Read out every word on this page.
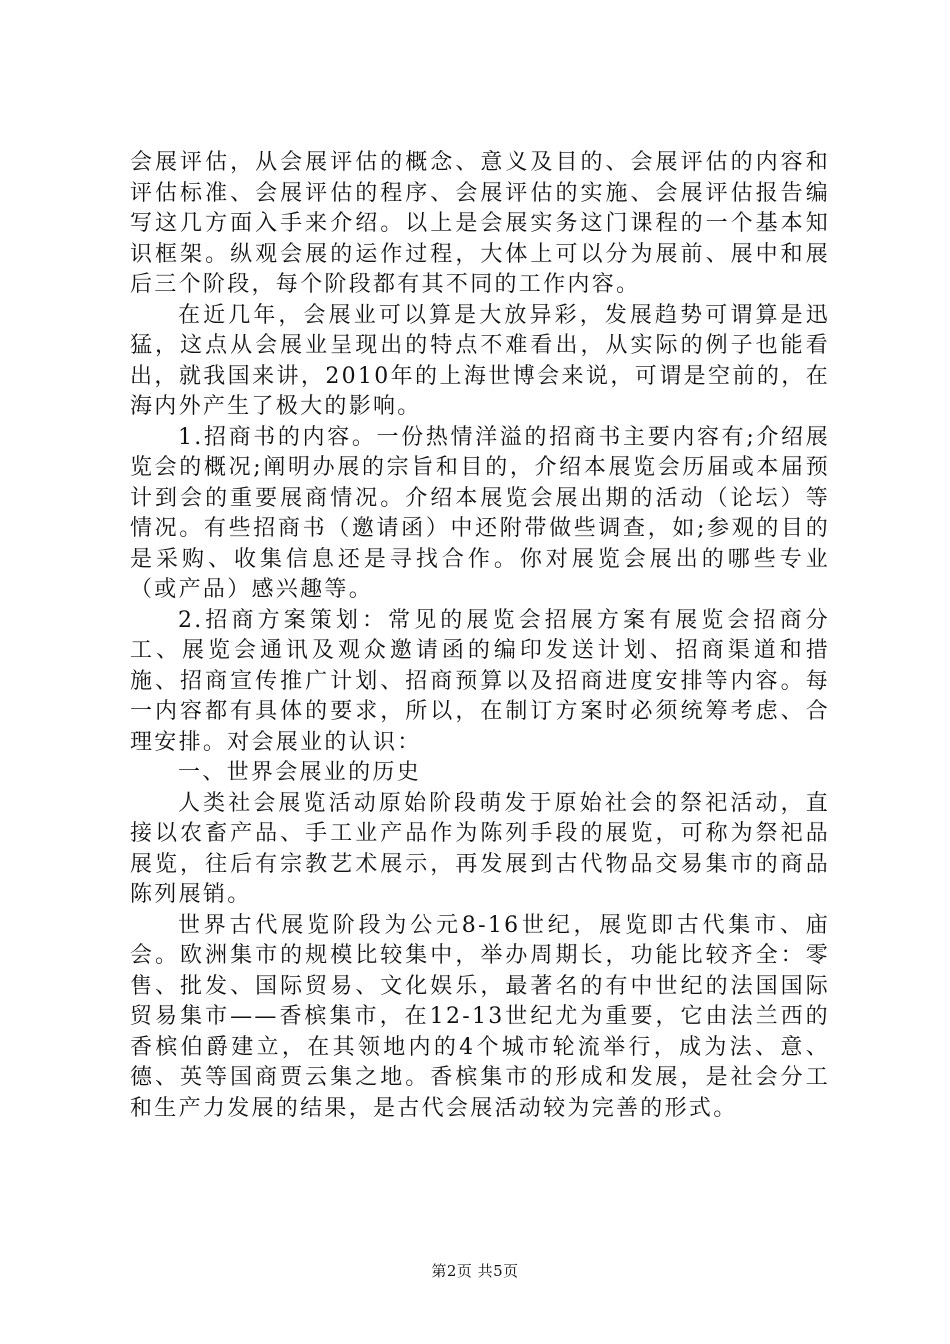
会展评估，从会展评估的概念、意义及目的、会展评估的内容和评估标准、会展评估的程序、会展评估的实施、会展评估报告编写这几方面入手来介绍。以上是会展实务这门课程的一个基本知识框架。纵观会展的运作过程，大体上可以分为展前、展中和展后三个阶段，每个阶段都有其不同的工作内容。

在近几年，会展业可以算是大放异彩，发展趋势可谓算是迅猛，这点从会展业呈现出的特点不难看出，从实际的例子也能看出，就我国来讲，2010年的上海世博会来说，可谓是空前的，在海内外产生了极大的影响。

1.招商书的内容。一份热情洋溢的招商书主要内容有;介绍展览会的概况;阐明办展的宗旨和目的，介绍本展览会历届或本届预计到会的重要展商情况。介绍本展览会展出期的活动（论坛）等情况。有些招商书（邀请函）中还附带做些调查，如;参观的目的是采购、收集信息还是寻找合作。你对展览会展出的哪些专业（或产品）感兴趣等。

2.招商方案策划：常见的展览会招展方案有展览会招商分工、展览会通讯及观众邀请函的编印发送计划、招商渠道和措施、招商宣传推广计划、招商预算以及招商进度安排等内容。每一内容都有具体的要求，所以，在制订方案时必须统筹考虑、合理安排。对会展业的认识：

一、世界会展业的历史

人类社会展览活动原始阶段萌发于原始社会的祭祀活动，直接以农畜产品、手工业产品作为陈列手段的展览，可称为祭祀品展览，往后有宗教艺术展示，再发展到古代物品交易集市的商品陈列展销。

世界古代展览阶段为公元8-16世纪，展览即古代集市、庙会。欧洲集市的规模比较集中，举办周期长，功能比较齐全：零售、批发、国际贸易、文化娱乐，最著名的有中世纪的法国国际贸易集市——香槟集市，在12-13世纪尤为重要，它由法兰西的香槟伯爵建立，在其领地内的4个城市轮流举行，成为法、意、德、英等国商贾云集之地。香槟集市的形成和发展，是社会分工和生产力发展的结果，是古代会展活动较为完善的形式。

第2页 共5页
